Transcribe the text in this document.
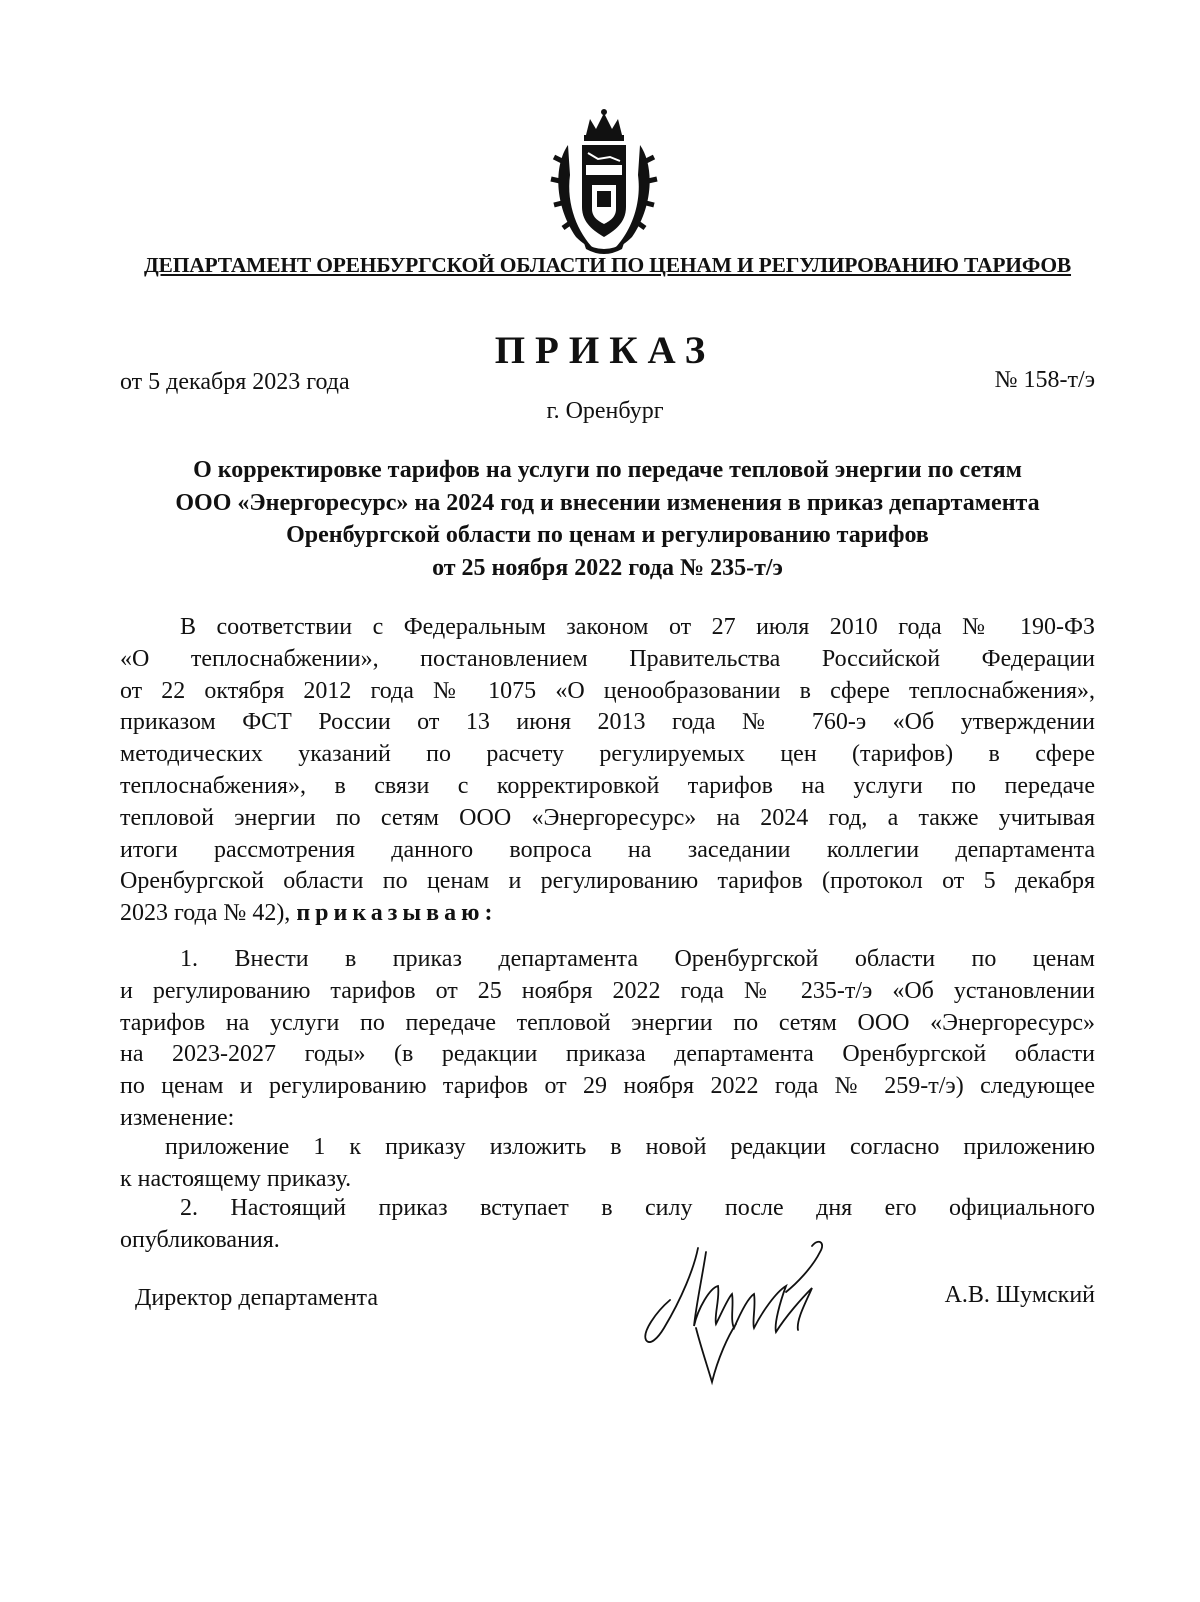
ДЕПАРТАМЕНТ ОРЕНБУРГСКОЙ ОБЛАСТИ ПО ЦЕНАМ И РЕГУЛИРОВАНИЮ ТАРИФОВ
ПРИКАЗ
от 5 декабря 2023 года	№ 158-т/э
г. Оренбург
О корректировке тарифов на услуги по передаче тепловой энергии по сетям
ООО «Энергоресурс» на 2024 год и внесении изменения в приказ департамента
Оренбургской области по ценам и регулированию тарифов
от 25 ноября 2022 года № 235-т/э
В соответствии с Федеральным законом от 27 июля 2010 года № 190-ФЗ
«О теплоснабжении», постановлением Правительства Российской Федерации
от 22 октября 2012 года № 1075 «О ценообразовании в сфере теплоснабжения»,
приказом ФСТ России от 13 июня 2013 года № 760-э «Об утверждении
методических указаний по расчету регулируемых цен (тарифов) в сфере
теплоснабжения», в связи с корректировкой тарифов на услуги по передаче
тепловой энергии по сетям ООО «Энергоресурс» на 2024 год, а также учитывая
итоги рассмотрения данного вопроса на заседании коллегии департамента
Оренбургской области по ценам и регулированию тарифов (протокол от 5 декабря
2023 года № 42), приказываю:
1. Внести в приказ департамента Оренбургской области по ценам
и регулированию тарифов от 25 ноября 2022 года № 235-т/э «Об установлении
тарифов на услуги по передаче тепловой энергии по сетям ООО «Энергоресурс»
на 2023-2027 годы» (в редакции приказа департамента Оренбургской области
по ценам и регулированию тарифов от 29 ноября 2022 года № 259-т/э) следующее
изменение:
приложение 1 к приказу изложить в новой редакции согласно приложению
к настоящему приказу.
2. Настоящий приказ вступает в силу после дня его официального
опубликования.
Директор департамента	А.В. Шумский
